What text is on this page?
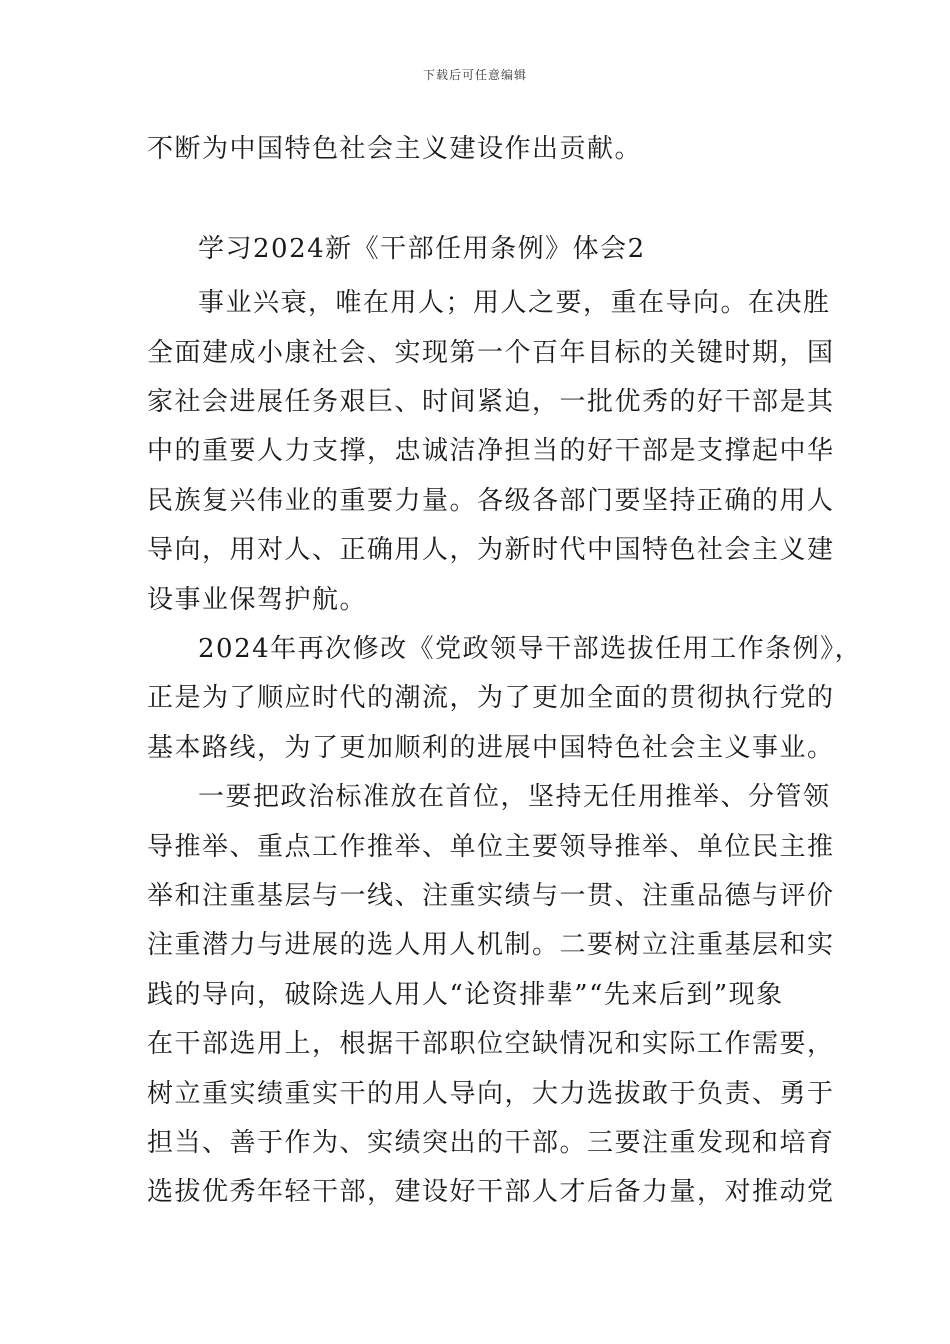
下载后可任意编辑
不断为中国特色社会主义建设作出贡献。
学习2024新《干部任用条例》体会2
事业兴衰，唯在用人；用人之要，重在导向。在决胜
全面建成小康社会、实现第一个百年目标的关键时期，国
家社会进展任务艰巨、时间紧迫，一批优秀的好干部是其
中的重要人力支撑，忠诚洁净担当的好干部是支撑起中华
民族复兴伟业的重要力量。各级各部门要坚持正确的用人
导向，用对人、正确用人，为新时代中国特色社会主义建
设事业保驾护航。
2024年再次修改《党政领导干部选拔任用工作条例》，
正是为了顺应时代的潮流，为了更加全面的贯彻执行党的
基本路线，为了更加顺利的进展中国特色社会主义事业。
一要把政治标准放在首位，坚持无任用推举、分管领
导推举、重点工作推举、单位主要领导推举、单位民主推
举和注重基层与一线、注重实绩与一贯、注重品德与评价
注重潜力与进展的选人用人机制。二要树立注重基层和实
践的导向，破除选人用人“论资排辈”“先来后到”现象
在干部选用上，根据干部职位空缺情况和实际工作需要，
树立重实绩重实干的用人导向，大力选拔敢于负责、勇于
担当、善于作为、实绩突出的干部。三要注重发现和培育
选拔优秀年轻干部，建设好干部人才后备力量，对推动党
